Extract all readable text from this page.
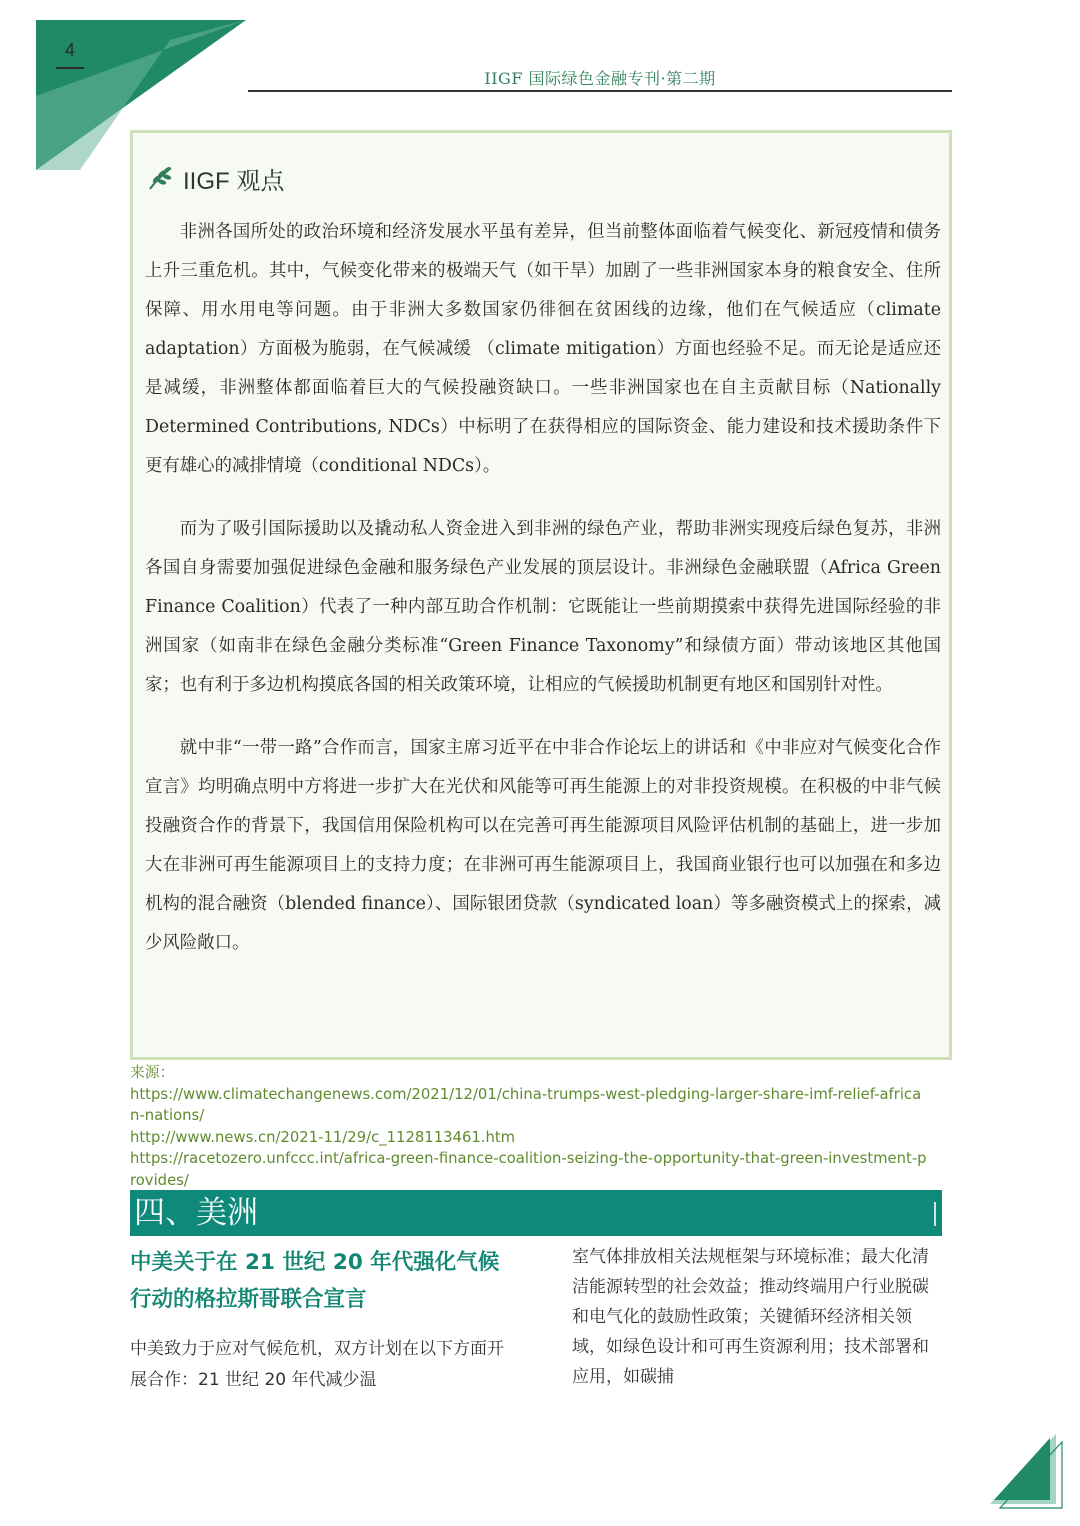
4
IIGF 国际绿色金融专刊·第二期
IIGF 观点

非洲各国所处的政治环境和经济发展水平虽有差异，但当前整体面临着气候变化、新冠疫情和债务上升三重危机。其中，气候变化带来的极端天气（如干旱）加剧了一些非洲国家本身的粮食安全、住所保障、用水用电等问题。由于非洲大多数国家仍徘徊在贫困线的边缘，他们在气候适应（climate adaptation）方面极为脆弱，在气候减缓 （climate mitigation）方面也经验不足。而无论是适应还是减缓，非洲整体都面临着巨大的气候投融资缺口。一些非洲国家也在自主贡献目标（Nationally Determined Contributions, NDCs）中标明了在获得相应的国际资金、能力建设和技术援助条件下更有雄心的减排情境（conditional NDCs）。

而为了吸引国际援助以及撬动私人资金进入到非洲的绿色产业，帮助非洲实现疫后绿色复苏，非洲各国自身需要加强促进绿色金融和服务绿色产业发展的顶层设计。非洲绿色金融联盟（Africa Green Finance Coalition）代表了一种内部互助合作机制：它既能让一些前期摸索中获得先进国际经验的非洲国家（如南非在绿色金融分类标准“Green Finance Taxonomy”和绿债方面）带动该地区其他国家；也有利于多边机构摸底各国的相关政策环境，让相应的气候援助机制更有地区和国别针对性。

就中非“一带一路”合作而言，国家主席习近平在中非合作论坛上的讲话和《中非应对气候变化合作宣言》均明确点明中方将进一步扩大在光伏和风能等可再生能源上的对非投资规模。在积极的中非气候投融资合作的背景下，我国信用保险机构可以在完善可再生能源项目风险评估机制的基础上，进一步加大在非洲可再生能源项目上的支持力度；在非洲可再生能源项目上，我国商业银行也可以加强在和多边机构的混合融资（blended finance）、国际银团贷款（syndicated loan）等多融资模式上的探索，减少风险敞口。

来源：
https://www.climatechangenews.com/2021/12/01/china-trumps-west-pledging-larger-share-imf-relief-african-nations/
http://www.news.cn/2021-11/29/c_1128113461.htm
https://racetozero.unfccc.int/africa-green-finance-coalition-seizing-the-opportunity-that-green-investment-provides/
四、美洲
中美关于在 21 世纪 20 年代强化气候行动的格拉斯哥联合宣言
中美致力于应对气候危机，双方计划在以下方面开展合作：21 世纪 20 年代减少温
室气体排放相关法规框架与环境标准；最大化清洁能源转型的社会效益；推动终端用户行业脱碳和电气化的鼓励性政策；关键循环经济相关领域，如绿色设计和可再生资源利用；技术部署和应用，如碳捕
